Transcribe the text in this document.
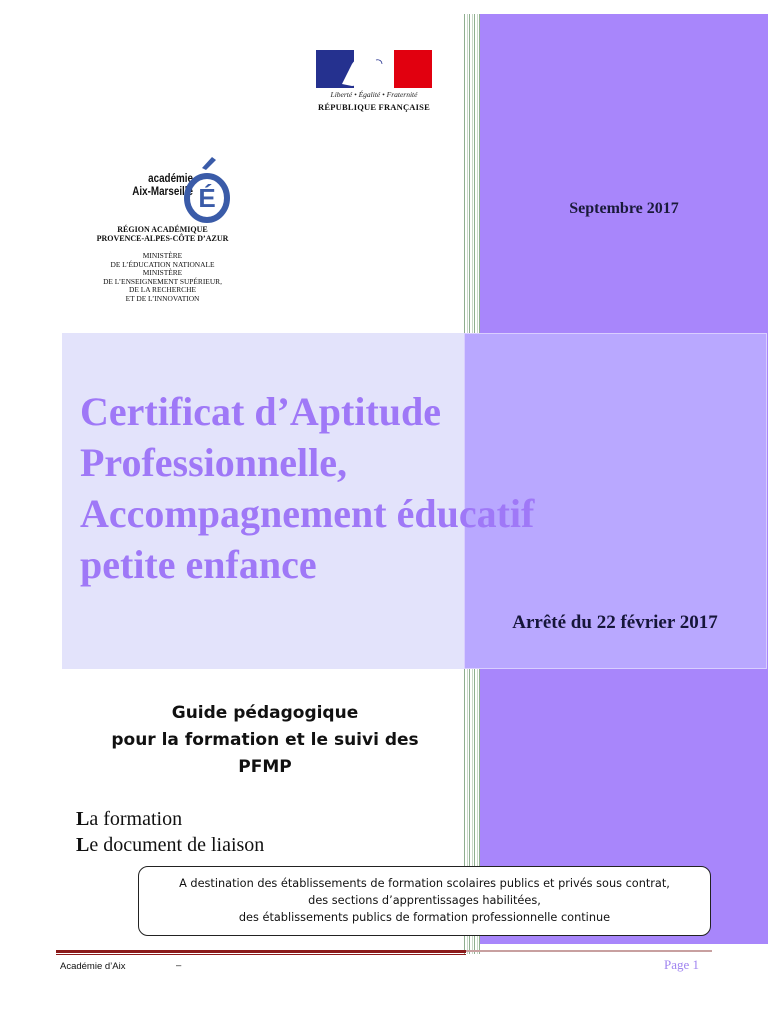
Liberté • Égalité • Fraternité
RÉPUBLIQUE FRANÇAISE
académie
Aix-Marseille É
RÉGION ACADÉMIQUE
PROVENCE-ALPES-CÔTE D’AZUR
MINISTÈRE
DE L’ÉDUCATION NATIONALE
MINISTÈRE
DE L’ENSEIGNEMENT SUPÉRIEUR,
DE LA RECHERCHE
ET DE L’INNOVATION
Septembre 2017
Certificat d’Aptitude
Professionnelle,
Accompagnement éducatif
petite enfance
Arrêté du 22 février 2017
Guide pédagogique
pour la formation et le suivi des
PFMP
La formation
Le document de liaison
A destination des établissements de formation scolaires publics et privés sous contrat,
des sections d’apprentissages habilitées,
des établissements publics de formation professionnelle continue
Académie d’Aix	–	Page 1
